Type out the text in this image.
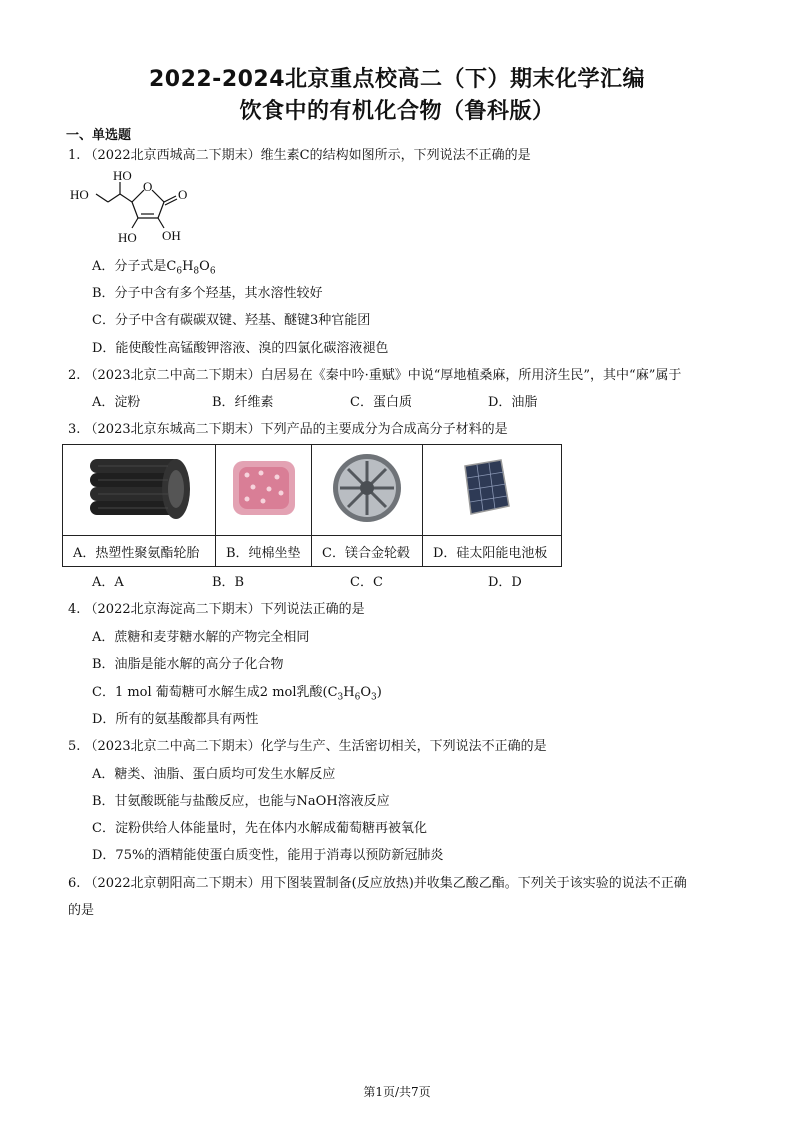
2022-2024北京重点校高二（下）期末化学汇编
饮食中的有机化合物（鲁科版）
一、单选题
1. （2022北京西城高二下期末）维生素C的结构如图所示，下列说法不正确的是
HO
HO
O
O
HO OH
A．分子式是$C_6H_8O_6$
B．分子中含有多个羟基，其水溶性较好
C．分子中含有碳碳双键、羟基、醚键3种官能团
D．能使酸性高锰酸钾溶液、溴的四氯化碳溶液褪色
2. （2023北京二中高二下期末）白居易在《秦中吟·重赋》中说“厚地植桑麻，所用济生民”，其中“麻”属于
A．淀粉	B．纤维素	C．蛋白质	D．油脂
3. （2023北京东城高二下期末）下列产品的主要成分为合成高分子材料的是

A．热塑性聚氨酯轮胎	B．纯棉坐垫	C．镁合金轮毂	D．硅太阳能电池板
A．A	B．B	C．C	D．D
4. （2022北京海淀高二下期末）下列说法正确的是
A．蔗糖和麦芽糖水解的产物完全相同
B．油脂是能水解的高分子化合物
C．1 mol 葡萄糖可水解生成2 mol乳酸$(C_3H_6O_3)$
D．所有的氨基酸都具有两性
5. （2023北京二中高二下期末）化学与生产、生活密切相关，下列说法不正确的是
A．糖类、油脂、蛋白质均可发生水解反应
B．甘氨酸既能与盐酸反应，也能与NaOH溶液反应
C．淀粉供给人体能量时，先在体内水解成葡萄糖再被氧化
D．75%的酒精能使蛋白质变性，能用于消毒以预防新冠肺炎
6. （2022北京朝阳高二下期末）用下图装置制备(反应放热)并收集乙酸乙酯。下列关于该实验的说法不正确
的是
第1页/共7页
